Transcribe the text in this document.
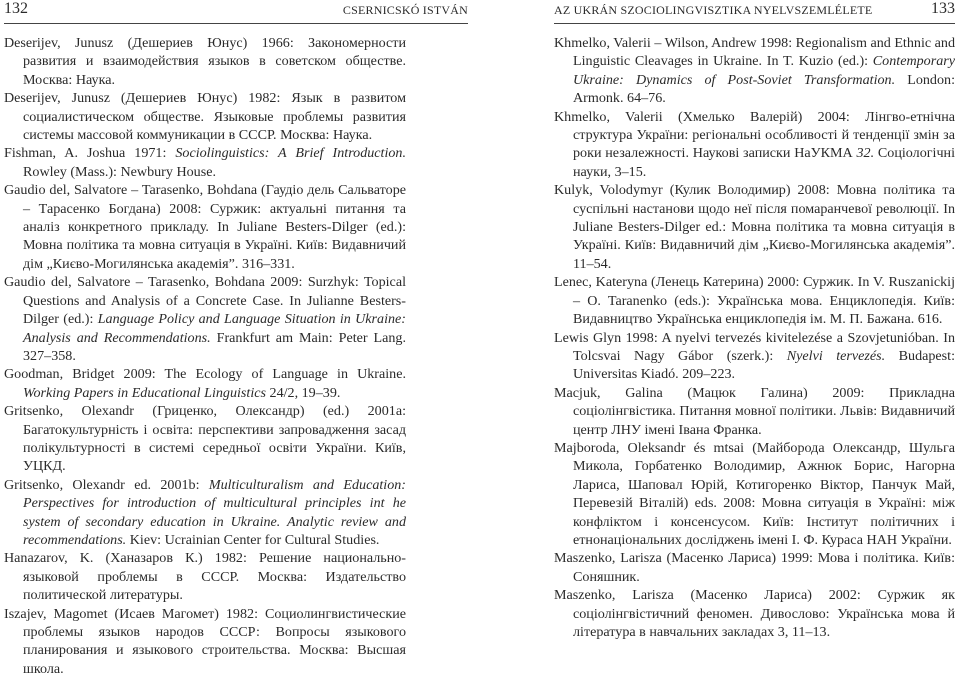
132	CSERNICSKÓ ISTVÁN

Deserijev, Junusz (Дешериев Юнус) 1966: Закономерности развития и взаимодействия языков в советском обществе. Москва: Наука.

Deserijev, Junusz (Дешериев Юнус) 1982: Язык в развитом социалистическом обществе. Языковые проблемы развития системы массовой коммуникации в СССР. Москва: Наука.

Fishman, A. Joshua 1971: Sociolinguistics: A Brief Introduction. Rowley (Mass.): Newbury House.

Gaudio del, Salvatore – Tarasenko, Bohdana (Гаудіо дель Сальваторе – Тарасенко Богдана) 2008: Суржик: актуальні питання та аналіз конкретного прикладу. In Juliane Besters-Dilger (ed.): Мовна політика та мовна ситуація в Україні. Київ: Видавничий дім „Києво-Могилянська академія”. 316–331.

Gaudio del, Salvatore – Tarasenko, Bohdana 2009: Surzhyk: Topical Questions and Analysis of a Concrete Case. In Julianne Besters-Dilger (ed.): Language Policy and Language Situation in Ukraine: Analysis and Recommendations. Frankfurt am Main: Peter Lang. 327–358.

Goodman, Bridget 2009: The Ecology of Language in Ukraine. Working Papers in Educational Linguistics 24/2, 19–39.

Gritsenko, Olexandr (Гриценко, Олександр) (ed.) 2001a: Багатокультурність і освіта: перспективи запровадження засад полікультурності в системі середньої освіти України. Київ, УЦКД.

Gritsenko, Olexandr ed. 2001b: Multiculturalism and Education: Perspectives for introduction of multicultural principles int he system of secondary education in Ukraine. Analytic review and recommendations. Kiev: Ucrainian Center for Cultural Studies.

Hanazarov, K. (Ханазаров К.) 1982: Решение национально-языковой проблемы в СССР. Москва: Издательство политической литературы.

Iszajev, Magomet (Исаев Магомет) 1982: Социолингвистические проблемы языков народов СССР: Вопросы языкового планирования и языкового строительства. Москва: Высшая школа.

AZ UKRÁN SZOCIOLINGVISZTIKA NYELVSZEMLÉLETE	133

Khmelko, Valerii – Wilson, Andrew 1998: Regionalism and Ethnic and Linguistic Cleavages in Ukraine. In T. Kuzio (ed.): Contemporary Ukraine: Dynamics of Post-Soviet Transformation. London: Armonk. 64–76.

Khmelko, Valerii (Хмелько Валерій) 2004: Лінгво-етнічна структура України: регіональні особливості й тенденції змін за роки незалежності. Наукові записки НаУКМА 32. Соціологічні науки, 3–15.

Kulyk, Volodymyr (Кулик Володимир) 2008: Мовна політика та суспільні настанови щодо неї після помаранчевої революції. In Juliane Besters-Dilger ed.: Мовна політика та мовна ситуація в Україні. Київ: Видавничий дім „Києво-Могилянська академія”. 11–54.

Lenec, Kateryna (Ленець Катерина) 2000: Суржик. In V. Ruszanickij – O. Taranenko (eds.): Українська мова. Енциклопедія. Київ: Видавництво Українська енциклопедія ім. М. П. Бажана. 616.

Lewis Glyn 1998: A nyelvi tervezés kivitelezése a Szovjetunióban. In Tolcsvai Nagy Gábor (szerk.): Nyelvi tervezés. Budapest: Universitas Kiadó. 209–223.

Macjuk, Galina (Мацюк Галина) 2009: Прикладна соціолінгвістика. Питання мовної політики. Львів: Видавничий центр ЛНУ імені Івана Франка.

Majboroda, Oleksandr és mtsai (Майборода Олександр, Шульга Микола, Горбатенко Володимир, Ажнюк Борис, Нагорна Лариса, Шаповал Юрій, Котигоренко Віктор, Панчук Май, Перевезій Віталій) eds. 2008: Мовна ситуація в Україні: між конфліктом і консенсусом. Київ: Інститут політичних і етнонаціональних досліджень імені І. Ф. Кураса НАН України.

Maszenko, Larisza (Масенко Лариса) 1999: Мова і політика. Київ: Соняшник.

Maszenko, Larisza (Масенко Лариса) 2002: Суржик як соціолінгвістичний феномен. Дивослово: Українська мова й література в навчальних закладах 3, 11–13.
